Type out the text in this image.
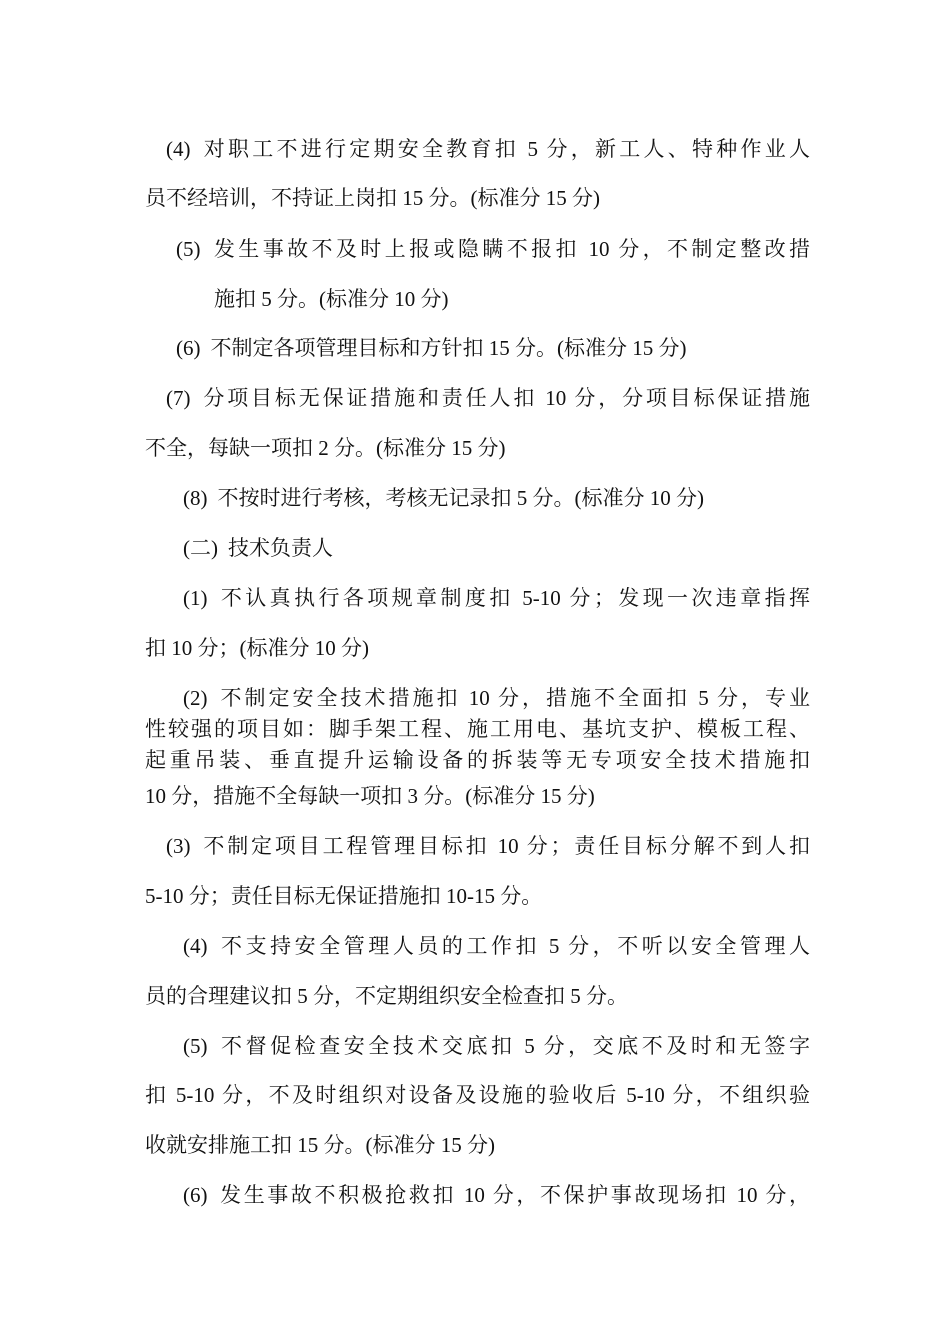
(4) 对职工不进行定期安全教育扣 5 分，新工人、特种作业人
员不经培训，不持证上岗扣 15 分。(标准分 15 分)
(5) 发生事故不及时上报或隐瞒不报扣 10 分，不制定整改措
施扣 5 分。(标准分 10 分)
(6) 不制定各项管理目标和方针扣 15 分。(标准分 15 分)
(7) 分项目标无保证措施和责任人扣 10 分，分项目标保证措施
不全，每缺一项扣 2 分。(标准分 15 分)
(8) 不按时进行考核，考核无记录扣 5 分。(标准分 10 分)
(二) 技术负责人
(1) 不认真执行各项规章制度扣 5-10 分；发现一次违章指挥
扣 10 分；(标准分 10 分)
(2) 不制定安全技术措施扣 10 分，措施不全面扣 5 分，专业
性较强的项目如：脚手架工程、施工用电、基坑支护、模板工程、
起重吊装、垂直提升运输设备的拆装等无专项安全技术措施扣
10 分，措施不全每缺一项扣 3 分。(标准分 15 分)
(3) 不制定项目工程管理目标扣 10 分；责任目标分解不到人扣
5-10 分；责任目标无保证措施扣 10-15 分。
(4) 不支持安全管理人员的工作扣 5 分，不听以安全管理人
员的合理建议扣 5 分，不定期组织安全检查扣 5 分。
(5) 不督促检查安全技术交底扣 5 分，交底不及时和无签字
扣 5-10 分，不及时组织对设备及设施的验收后 5-10 分，不组织验
收就安排施工扣 15 分。(标准分 15 分)
(6) 发生事故不积极抢救扣 10 分，不保护事故现场扣 10 分，
